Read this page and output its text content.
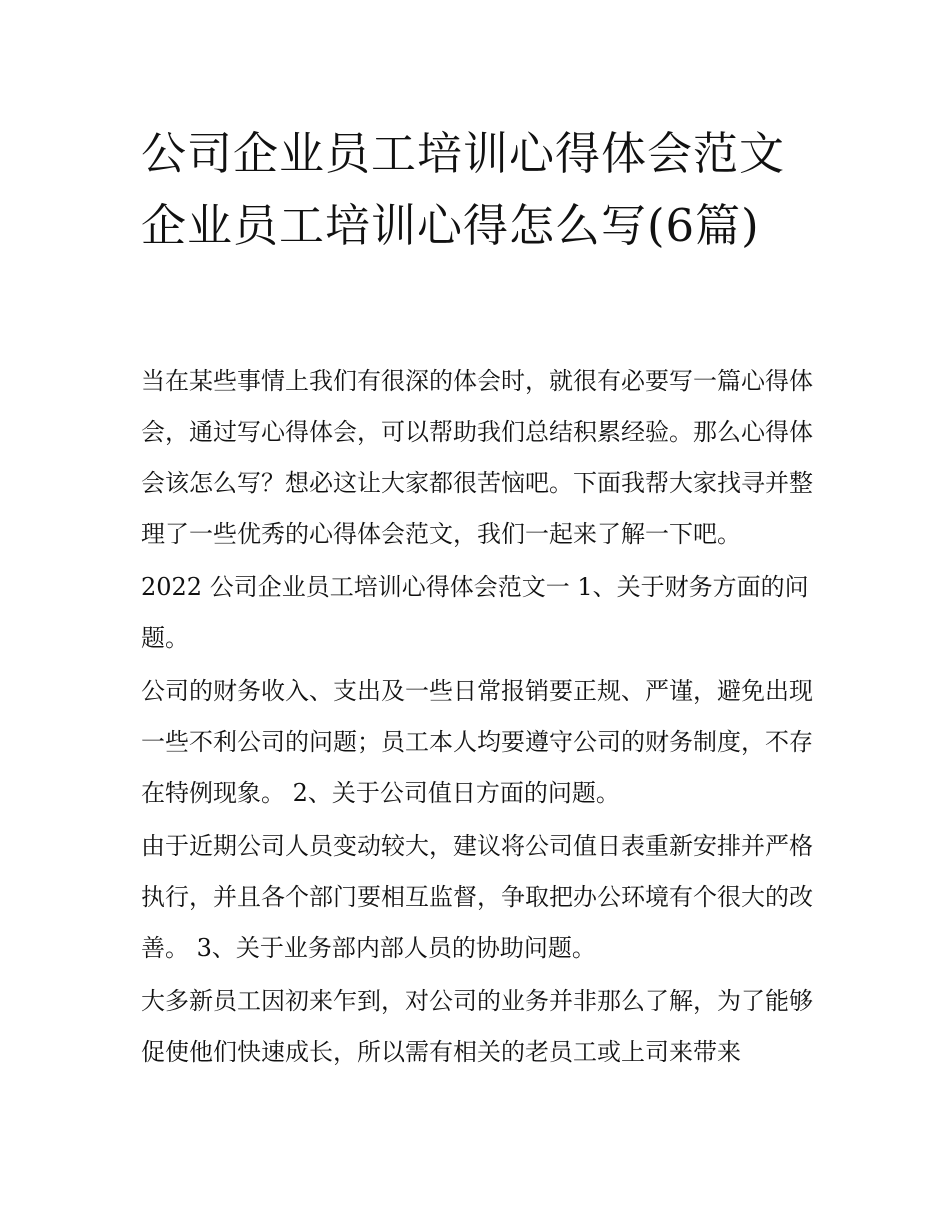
公司企业员工培训心得体会范文 企业员工培训心得怎么写(6篇)

当在某些事情上我们有很深的体会时，就很有必要写一篇心得体会，通过写心得体会，可以帮助我们总结积累经验。那么心得体会该怎么写？想必这让大家都很苦恼吧。下面我帮大家找寻并整理了一些优秀的心得体会范文，我们一起来了解一下吧。

2022 公司企业员工培训心得体会范文一 1、关于财务方面的问题。

公司的财务收入、支出及一些日常报销要正规、严谨，避免出现一些不利公司的问题；员工本人均要遵守公司的财务制度，不存在特例现象。 2、关于公司值日方面的问题。

由于近期公司人员变动较大，建议将公司值日表重新安排并严格执行，并且各个部门要相互监督，争取把办公环境有个很大的改善。 3、关于业务部内部人员的协助问题。

大多新员工因初来乍到，对公司的业务并非那么了解，为了能够促使他们快速成长，所以需有相关的老员工或上司来带来
